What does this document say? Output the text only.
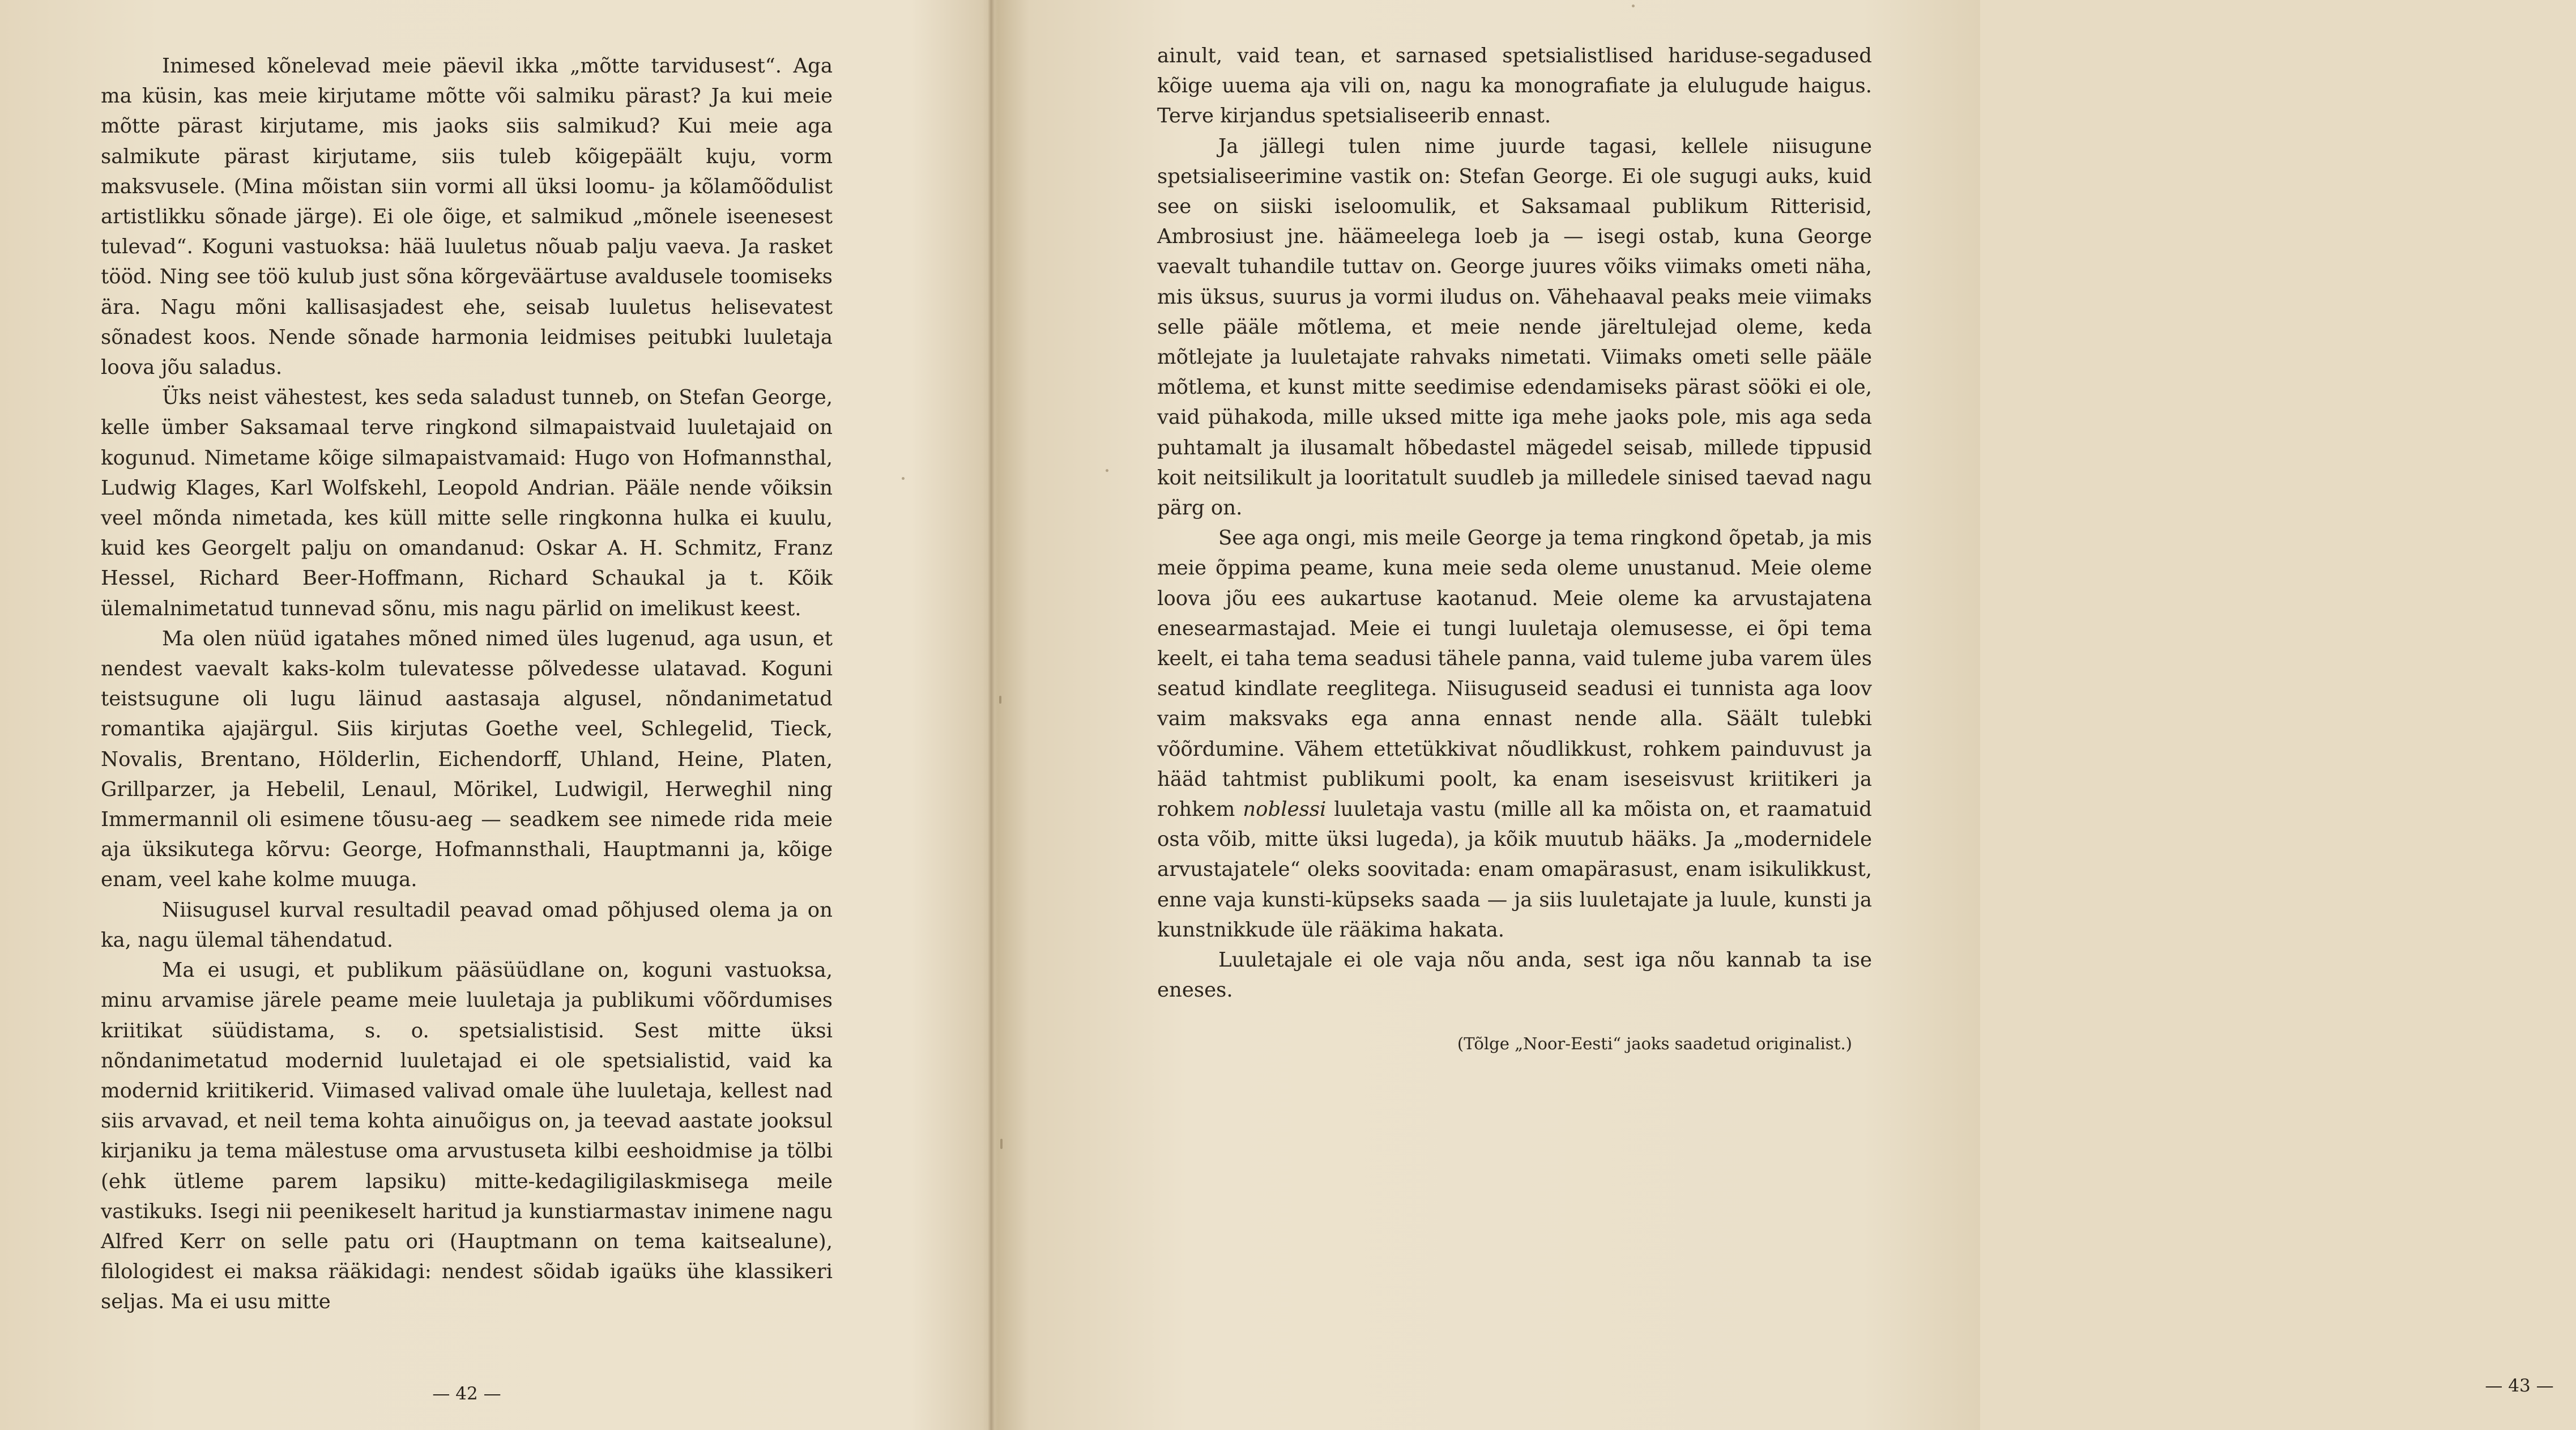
Inimesed kõnelevad meie päevil ikka „mõtte tarvidusest“. Aga ma küsin, kas meie kirjutame mõtte või salmiku pärast? Ja kui meie mõtte pärast kirjutame, mis jaoks siis salmikud? Kui meie aga salmikute pärast kirjutame, siis tuleb kõigepäält kuju, vorm maksvusele. (Mina mõistan siin vormi all üksi loomu- ja kõlamõõdulist artistlikku sõnade järge). Ei ole õige, et salmikud „mõnele iseenesest tulevad“. Koguni vastuoksa: hää luuletus nõuab palju vaeva. Ja rasket tööd. Ning see töö kulub just sõna kõrgeväärtuse avaldusele toomiseks ära. Nagu mõni kallisasjadest ehe, seisab luuletus helisevatest sõnadest koos. Nende sõnade harmonia leidmises peitubki luuletaja loova jõu saladus.

Üks neist vähestest, kes seda saladust tunneb, on Stefan George, kelle ümber Saksamaal terve ringkond silmapaistvaid luuletajaid on kogunud. Nimetame kõige silmapaistvamaid: Hugo von Hofmannsthal, Ludwig Klages, Karl Wolfskehl, Leopold Andrian. Pääle nende võiksin veel mõnda nimetada, kes küll mitte selle ringkonna hulka ei kuulu, kuid kes Georgelt palju on omandanud: Oskar A. H. Schmitz, Franz Hessel, Richard Beer-Hoffmann, Richard Schaukal ja t. Kõik ülemalnimetatud tunnevad sõnu, mis nagu pärlid on imelikust keest.

Ma olen nüüd igatahes mõned nimed üles lugenud, aga usun, et nendest vaevalt kaks-kolm tulevatesse põlvedesse ulatavad. Koguni teistsugune oli lugu läinud aastasaja algusel, nõndanimetatud romantika ajajärgul. Siis kirjutas Goethe veel, Schlegelid, Tieck, Novalis, Brentano, Hölderlin, Eichendorff, Uhland, Heine, Platen, Grillparzer, ja Hebelil, Lenaul, Mörikel, Ludwigil, Herweghil ning Immermannil oli esimene tõusu-aeg — seadkem see nimede rida meie aja üksikutega kõrvu: George, Hofmannsthali, Hauptmanni ja, kõige enam, veel kahe kolme muuga.

Niisugusel kurval resultadil peavad omad põhjused olema ja on ka, nagu ülemal tähendatud.

Ma ei usugi, et publikum pääsüüdlane on, koguni vastuoksa, minu arvamise järele peame meie luuletaja ja publikumi võõrdumises kriitikat süüdistama, s. o. spetsialistisid. Sest mitte üksi nõndanimetatud modernid luuletajad ei ole spetsialistid, vaid ka modernid kriitikerid. Viimased valivad omale ühe luuletaja, kellest nad siis arvavad, et neil tema kohta ainuõigus on, ja teevad aastate jooksul kirjaniku ja tema mälestuse oma arvustuseta kilbi eeshoidmise ja tölbi (ehk ütleme parem lapsiku) mitte-kedagiligilaskmisega meile vastikuks. Isegi nii peenikeselt haritud ja kunstiarmastav inimene nagu Alfred Kerr on selle patu ori (Hauptmann on tema kaitsealune), filologidest ei maksa rääkidagi: nendest sõidab igaüks ühe klassikeri seljas. Ma ei usu mitte

— 42 —

ainult, vaid tean, et sarnased spetsialistlised hariduse-segadused kõige uuema aja vili on, nagu ka monografiate ja elulugude haigus. Terve kirjandus spetsialiseerib ennast.

Ja jällegi tulen nime juurde tagasi, kellele niisugune spetsialiseerimine vastik on: Stefan George. Ei ole sugugi auks, kuid see on siiski iseloomulik, et Saksamaal publikum Ritterisid, Ambrosiust jne. häämeelega loeb ja — isegi ostab, kuna George vaevalt tuhandile tuttav on. George juures võiks viimaks ometi näha, mis üksus, suurus ja vormi iludus on. Vähehaaval peaks meie viimaks selle pääle mõtlema, et meie nende järeltulejad oleme, keda mõtlejate ja luuletajate rahvaks nimetati. Viimaks ometi selle pääle mõtlema, et kunst mitte seedimise edendamiseks pärast sööki ei ole, vaid pühakoda, mille uksed mitte iga mehe jaoks pole, mis aga seda puhtamalt ja ilusamalt hõbedastel mägedel seisab, millede tippusid koit neitsilikult ja looritatult suudleb ja milledele sinised taevad nagu pärg on.

See aga ongi, mis meile George ja tema ringkond õpetab, ja mis meie õppima peame, kuna meie seda oleme unustanud. Meie oleme loova jõu ees aukartuse kaotanud. Meie oleme ka arvustajatena enesearmastajad. Meie ei tungi luuletaja olemusesse, ei õpi tema keelt, ei taha tema seadusi tähele panna, vaid tuleme juba varem üles seatud kindlate reeglitega. Niisuguseid seadusi ei tunnista aga loov vaim maksvaks ega anna ennast nende alla. Säält tulebki võõrdumine. Vähem ettetükkivat nõudlikkust, rohkem painduvust ja hääd tahtmist publikumi poolt, ka enam iseseisvust kriitikeri ja rohkem noblessi luuletaja vastu (mille all ka mõista on, et raamatuid osta võib, mitte üksi lugeda), ja kõik muutub hääks. Ja „modernidele arvustajatele“ oleks soovitada: enam omapärasust, enam isikulikkust, enne vaja kunsti-küpseks saada — ja siis luuletajate ja luule, kunsti ja kunstnikkude üle rääkima hakata.

Luuletajale ei ole vaja nõu anda, sest iga nõu kannab ta ise eneses.

— 43 —
(Tõlge „Noor-Eesti“ jaoks saadetud originalist.)
